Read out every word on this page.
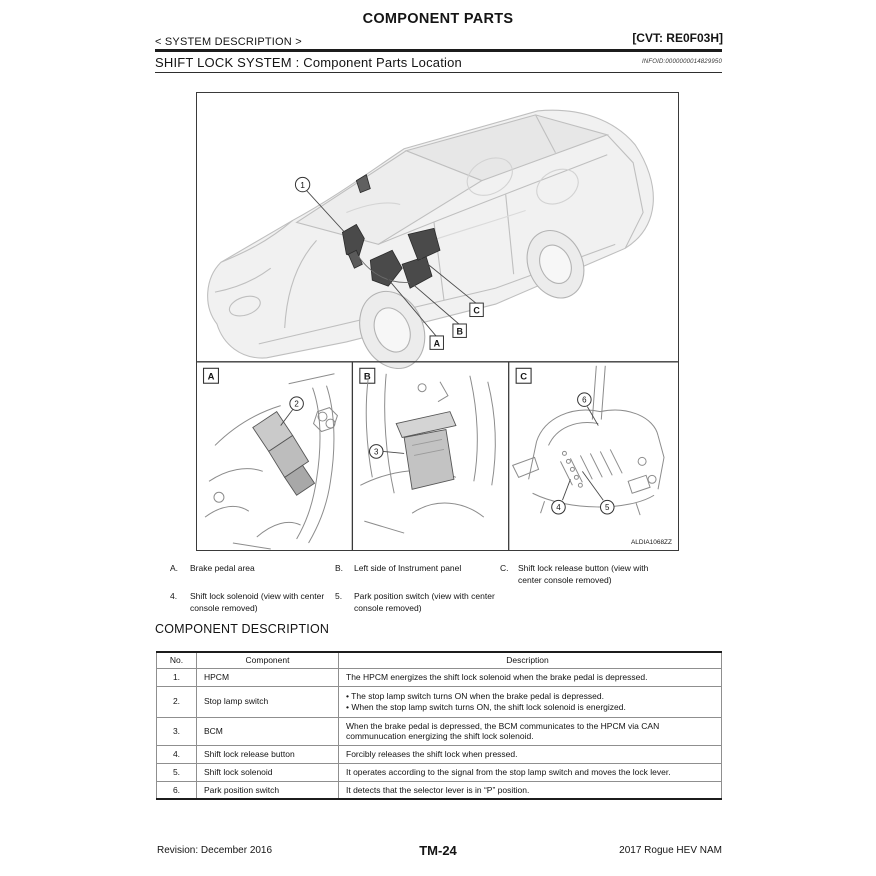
COMPONENT PARTS
< SYSTEM DESCRIPTION >	[CVT: RE0F03H]
SHIFT LOCK SYSTEM : Component Parts Location	INFOID:0000000014829950
1
A
B
C
A
2
B
3
C
6
4	5
ALDIA1068ZZ
A. Brake pedal area	B. Left side of Instrument panel	C. Shift lock release button (view with center console removed)
4. Shift lock solenoid (view with center console removed)
5. Park position switch (view with center console removed)
COMPONENT DESCRIPTION
No.	Component	Description
1.	HPCM	The HPCM energizes the shift lock solenoid when the brake pedal is depressed.

2.	Stop lamp switch	• The stop lamp switch turns ON when the brake pedal is depressed.
• When the stop lamp switch turns ON, the shift lock solenoid is energized.

3.	BCM	When the brake pedal is depressed, the BCM communicates to the HPCM via CAN communucation energizing the shift lock solenoid.

4.	Shift lock release button	Forcibly releases the shift lock when pressed.

5.	Shift lock solenoid	It operates according to the signal from the stop lamp switch and moves the lock lever.

6.	Park position switch	It detects that the selector lever is in “P” position.
TM-24
Revision: December 2016	2017 Rogue HEV NAM
